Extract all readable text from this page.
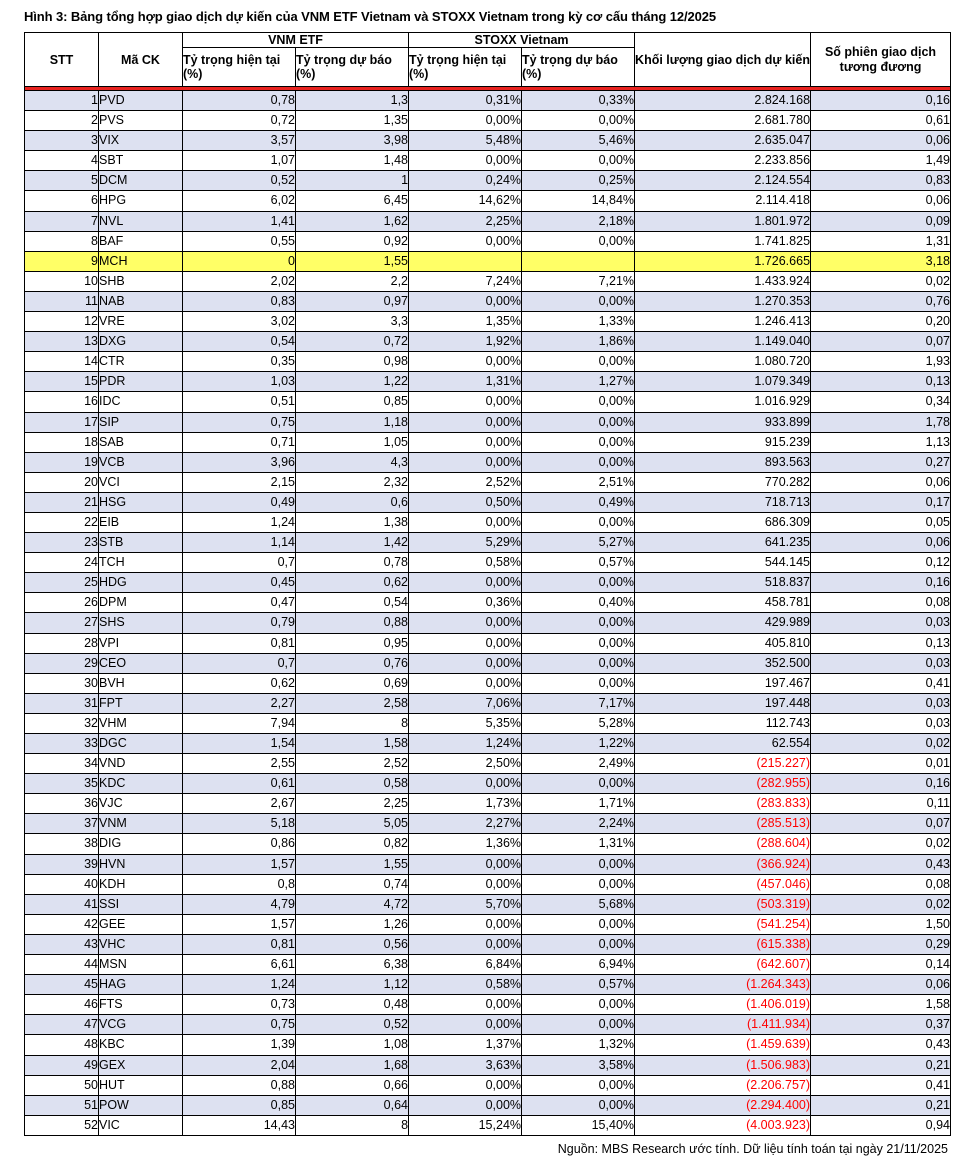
Hình 3: Bảng tổng hợp giao dịch dự kiến của VNM ETF Vietnam và STOXX Vietnam trong kỳ cơ cấu tháng 12/2025
STT	Mã CK	VNM ETF		STOXX Vietnam		Khối lượng giao dịch dự kiến	Số phiên giao dịch tương đương
		Tỷ trọng hiện tại (%)	Tỷ trọng dự báo (%)	Tỷ trọng hiện tại (%)	Tỷ trọng dự báo (%)		

1	PVD	0,78	1,3	0,31%	0,33%	2.824.168	0,16
2	PVS	0,72	1,35	0,00%	0,00%	2.681.780	0,61
3	VIX	3,57	3,98	5,48%	5,46%	2.635.047	0,06
4	SBT	1,07	1,48	0,00%	0,00%	2.233.856	1,49
5	DCM	0,52	1	0,24%	0,25%	2.124.554	0,83
6	HPG	6,02	6,45	14,62%	14,84%	2.114.418	0,06
7	NVL	1,41	1,62	2,25%	2,18%	1.801.972	0,09
8	BAF	0,55	0,92	0,00%	0,00%	1.741.825	1,31
9	MCH	0	1,55			1.726.665	3,18
10	SHB	2,02	2,2	7,24%	7,21%	1.433.924	0,02
11	NAB	0,83	0,97	0,00%	0,00%	1.270.353	0,76
12	VRE	3,02	3,3	1,35%	1,33%	1.246.413	0,20
13	DXG	0,54	0,72	1,92%	1,86%	1.149.040	0,07
14	CTR	0,35	0,98	0,00%	0,00%	1.080.720	1,93
15	PDR	1,03	1,22	1,31%	1,27%	1.079.349	0,13
16	IDC	0,51	0,85	0,00%	0,00%	1.016.929	0,34
17	SIP	0,75	1,18	0,00%	0,00%	933.899	1,78
18	SAB	0,71	1,05	0,00%	0,00%	915.239	1,13
19	VCB	3,96	4,3	0,00%	0,00%	893.563	0,27
20	VCI	2,15	2,32	2,52%	2,51%	770.282	0,06
21	HSG	0,49	0,6	0,50%	0,49%	718.713	0,17
22	EIB	1,24	1,38	0,00%	0,00%	686.309	0,05
23	STB	1,14	1,42	5,29%	5,27%	641.235	0,06
24	TCH	0,7	0,78	0,58%	0,57%	544.145	0,12
25	HDG	0,45	0,62	0,00%	0,00%	518.837	0,16
26	DPM	0,47	0,54	0,36%	0,40%	458.781	0,08
27	SHS	0,79	0,88	0,00%	0,00%	429.989	0,03
28	VPI	0,81	0,95	0,00%	0,00%	405.810	0,13
29	CEO	0,7	0,76	0,00%	0,00%	352.500	0,03
30	BVH	0,62	0,69	0,00%	0,00%	197.467	0,41
31	FPT	2,27	2,58	7,06%	7,17%	197.448	0,03
32	VHM	7,94	8	5,35%	5,28%	112.743	0,03
33	DGC	1,54	1,58	1,24%	1,22%	62.554	0,02
34	VND	2,55	2,52	2,50%	2,49%	(215.227)	0,01
35	KDC	0,61	0,58	0,00%	0,00%	(282.955)	0,16
36	VJC	2,67	2,25	1,73%	1,71%	(283.833)	0,11
37	VNM	5,18	5,05	2,27%	2,24%	(285.513)	0,07
38	DIG	0,86	0,82	1,36%	1,31%	(288.604)	0,02
39	HVN	1,57	1,55	0,00%	0,00%	(366.924)	0,43
40	KDH	0,8	0,74	0,00%	0,00%	(457.046)	0,08
41	SSI	4,79	4,72	5,70%	5,68%	(503.319)	0,02
42	GEE	1,57	1,26	0,00%	0,00%	(541.254)	1,50
43	VHC	0,81	0,56	0,00%	0,00%	(615.338)	0,29
44	MSN	6,61	6,38	6,84%	6,94%	(642.607)	0,14
45	HAG	1,24	1,12	0,58%	0,57%	(1.264.343)	0,06
46	FTS	0,73	0,48	0,00%	0,00%	(1.406.019)	1,58
47	VCG	0,75	0,52	0,00%	0,00%	(1.411.934)	0,37
48	KBC	1,39	1,08	1,37%	1,32%	(1.459.639)	0,43
49	GEX	2,04	1,68	3,63%	3,58%	(1.506.983)	0,21
50	HUT	0,88	0,66	0,00%	0,00%	(2.206.757)	0,41
51	POW	0,85	0,64	0,00%	0,00%	(2.294.400)	0,21
52	VIC	14,43	8	15,24%	15,40%	(4.003.923)	0,94
Nguồn: MBS Research ước tính. Dữ liệu tính toán tại ngày 21/11/2025
